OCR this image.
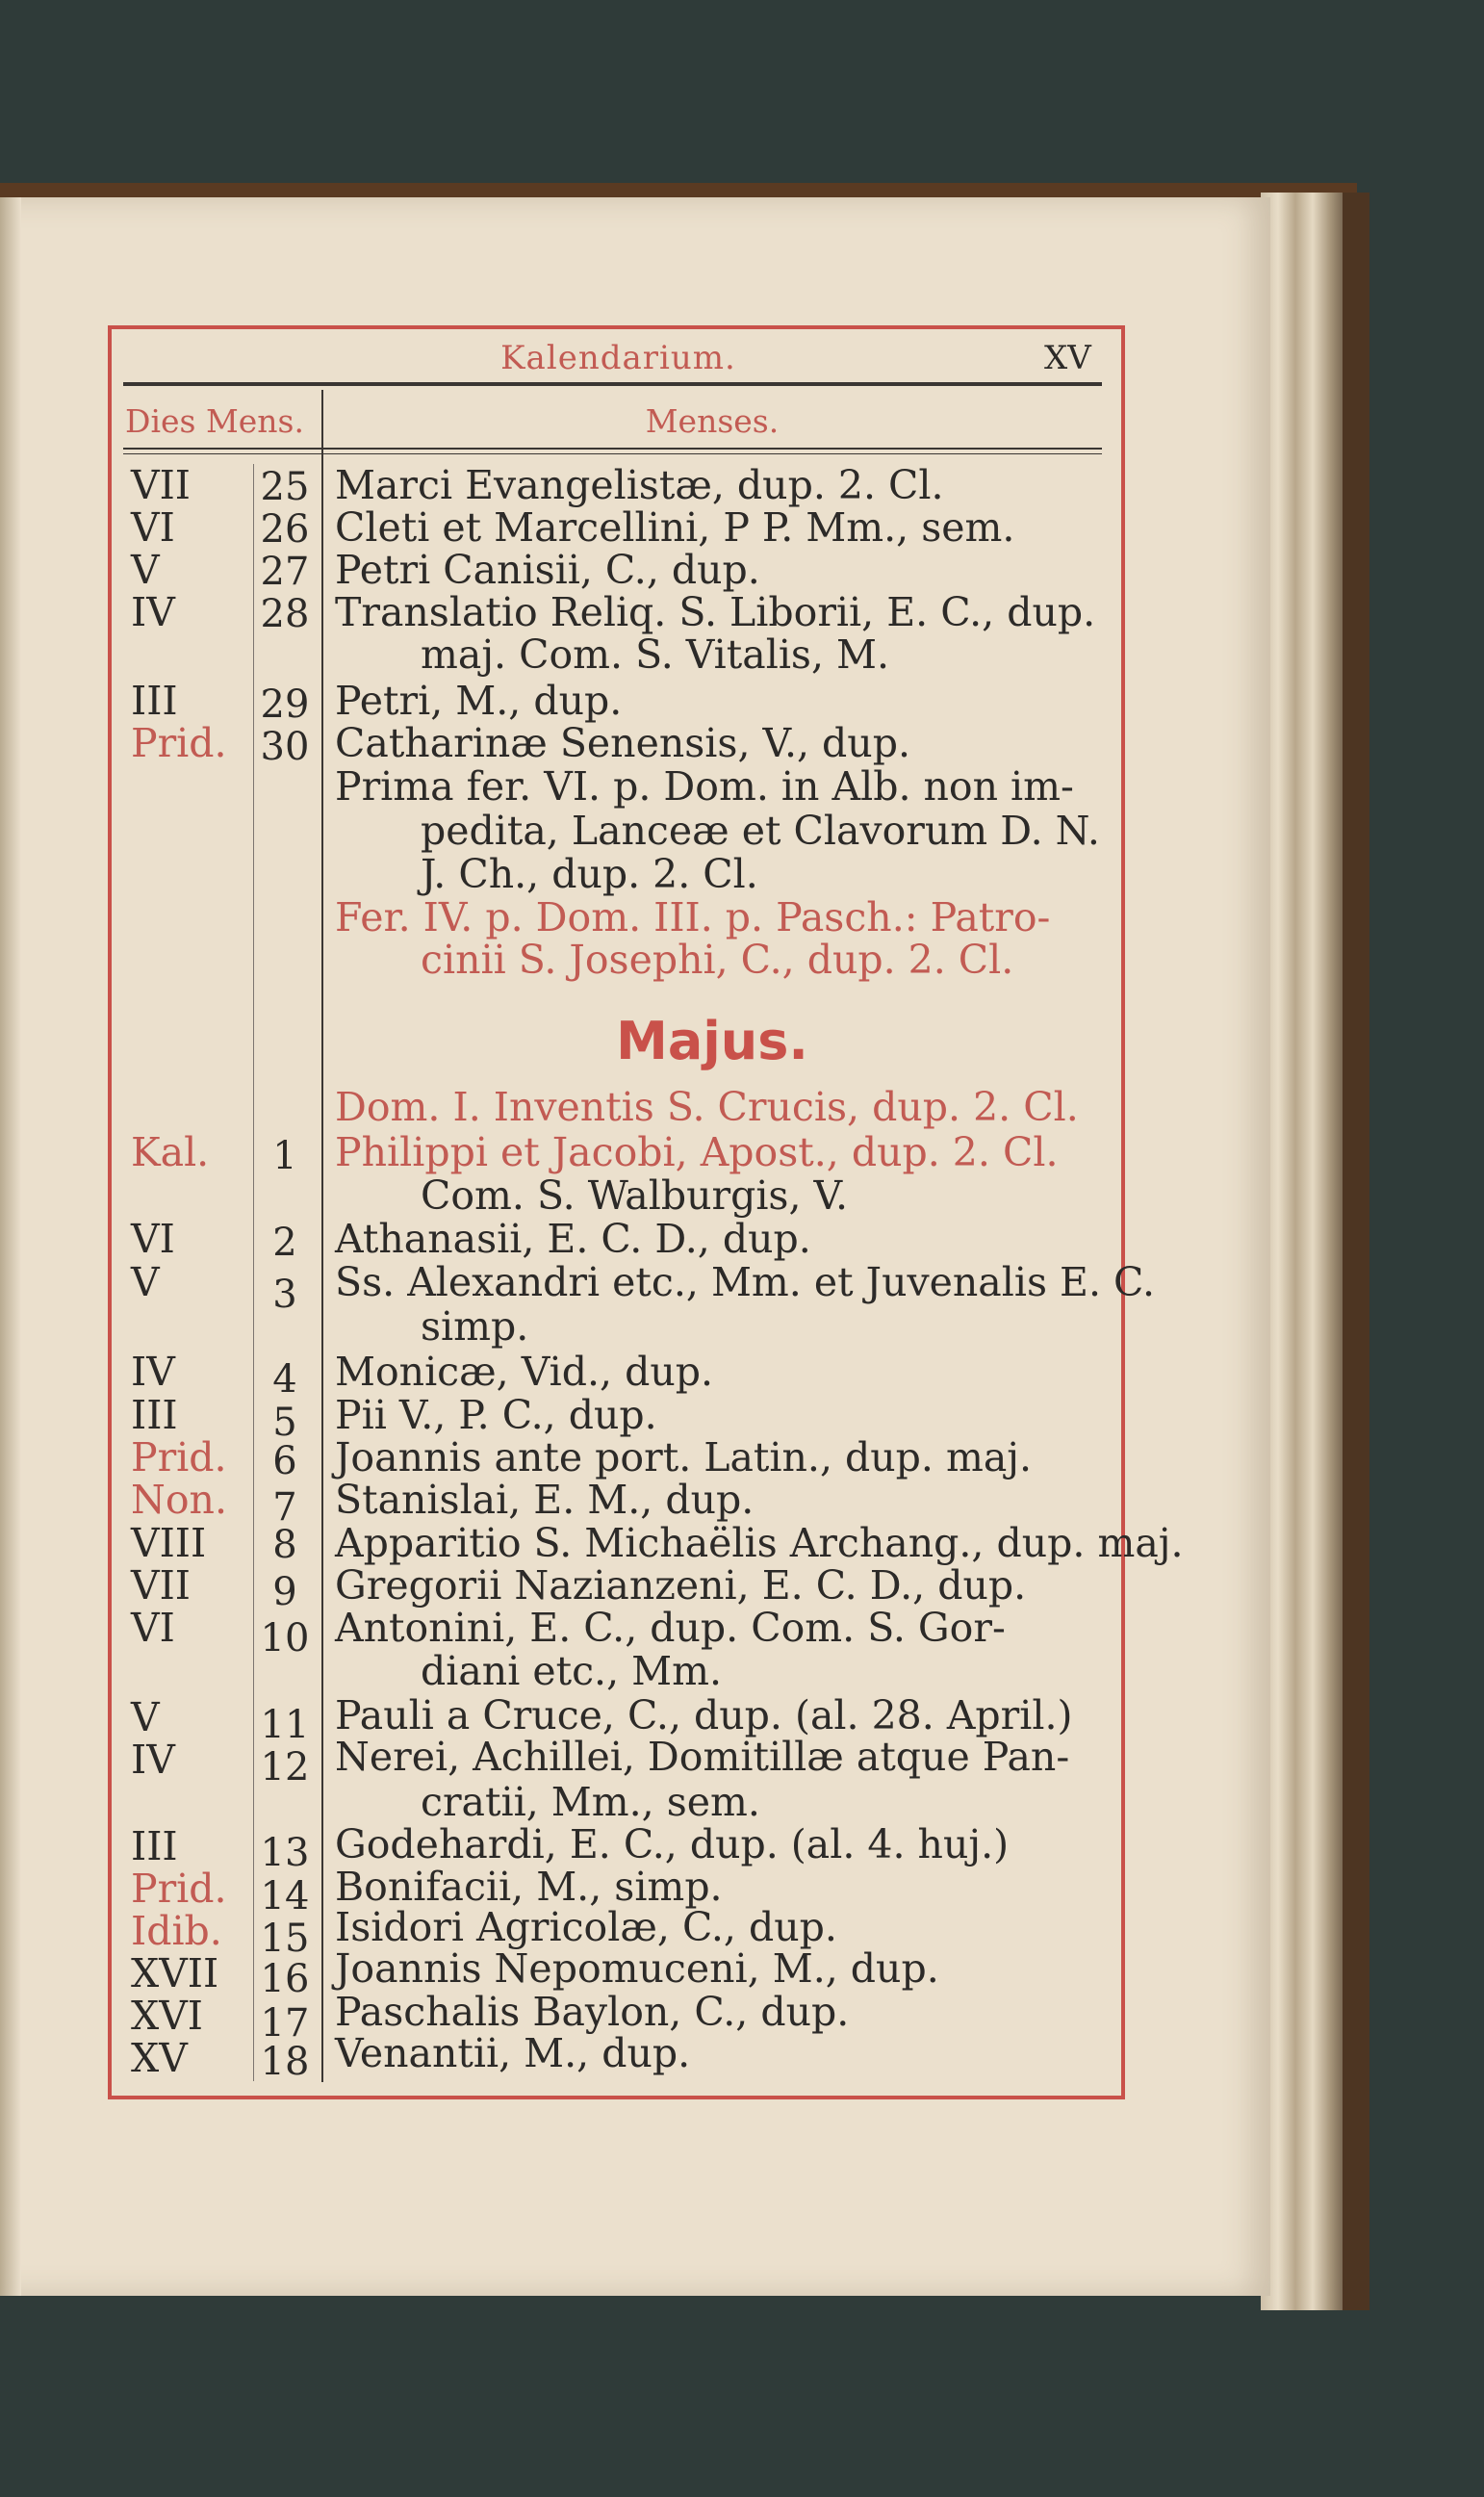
Kalendarium.	XV
Dies Mens.	Menses.
VII 25 Marci Evangelistæ, dup. 2. Cl.
VI 26 Cleti et Marcellini, P P. Mm., sem.
V	27 Petri Canisii, C., dup.
IV 28 Translatio Reliq. S. Liborii, E. C., dup.
maj. Com. S. Vitalis, M.
III 29 Petri, M., dup.
Prid. 30 Catharinæ Senensis, V., dup.
Prima fer. VI. p. Dom. in Alb. non im-
pedita, Lanceæ et Clavorum D. N.
J. Ch., dup. 2. Cl.
Fer. IV. p. Dom. III. p. Pasch.: Patro-
cinii S. Josephi, C., dup. 2. Cl.
Majus.
Dom. I. Inventis S. Crucis, dup. 2. Cl.
Kal.	1 Philippi et Jacobi, Apost., dup. 2. Cl.
Com. S. Walburgis, V.
VI	2 Athanasii, E. C. D., dup.
V	3 Ss. Alexandri etc., Mm. et Juvenalis E. C.
simp.
IV	4 Monicæ, Vid., dup.
III	5 Pii V., P. C., dup.
Prid.	6 Joannis ante port. Latin., dup. maj.
Non.	7 Stanislai, E. M., dup.
VIII	8 Apparitio S. Michaëlis Archang., dup. maj.
VII	9 Gregorii Nazianzeni, E. C. D., dup.
VI 10 Antonini, E. C., dup. Com. S. Gor-
diani etc., Mm.
V	11 Pauli a Cruce, C., dup. (al. 28. April.)
IV 12 Nerei, Achillei, Domitillæ atque Pan-
cratii, Mm., sem.
III 13 Godehardi, E. C., dup. (al. 4. huj.)
Prid. 14 Bonifacii, M., simp.
Idib. 15 Isidori Agricolæ, C., dup.
XVII 16 Joannis Nepomuceni, M., dup.
XVI 17 Paschalis Baylon, C., dup.
XV 18 Venantii, M., dup.
